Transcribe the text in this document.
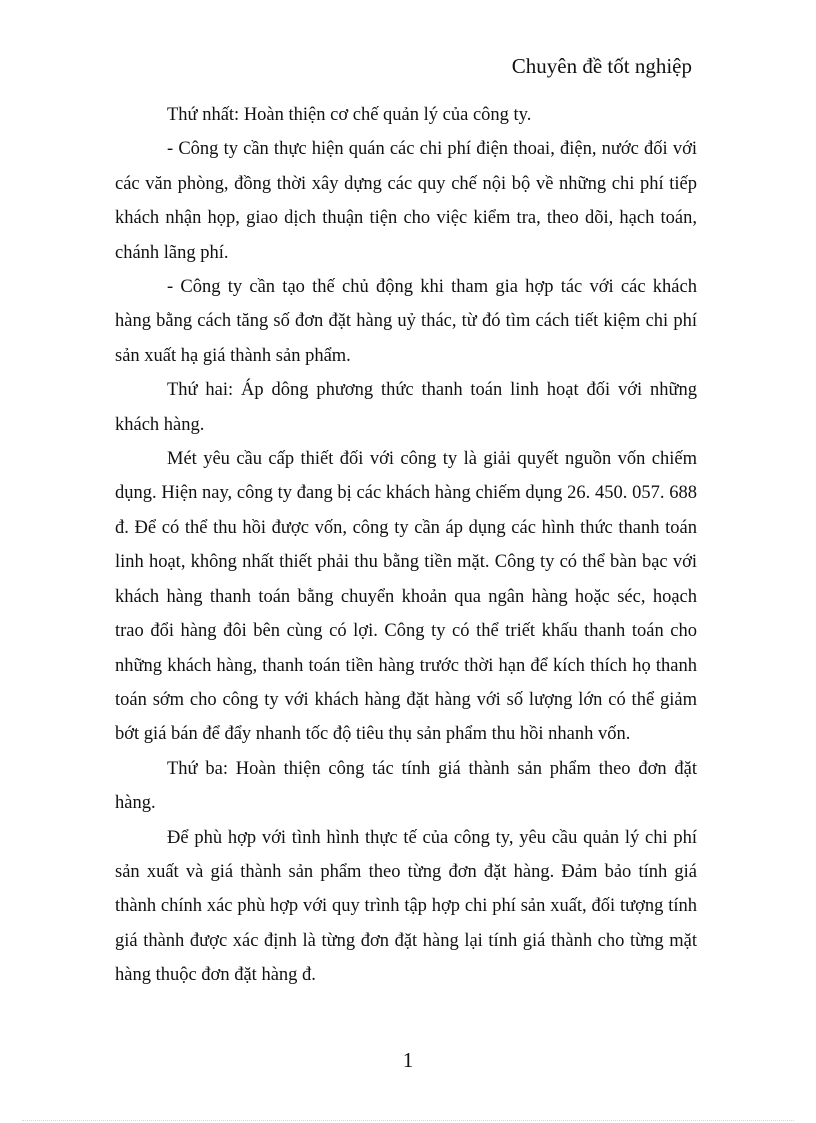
Chuyên đề tốt nghiệp

Thứ nhất: Hoàn thiện cơ chế quản lý của công ty.

- Công ty cần thực hiện quán các chi phí điện thoai, điện, nước đối với các văn phòng, đồng thời xây dựng các quy chế nội bộ về những chi phí tiếp khách nhận họp, giao dịch thuận tiện cho việc kiểm tra, theo dõi, hạch toán, chánh lãng phí.

- Công ty cần tạo thế chủ động khi tham gia hợp tác với các khách hàng bằng cách tăng số đơn đặt hàng uỷ thác, từ đó tìm cách tiết kiệm chi phí sản xuất hạ giá thành sản phẩm.

Thứ hai: Áp dông phương thức thanh toán linh hoạt đối với những khách hàng.

Mét yêu cầu cấp thiết đối với công ty là giải quyết nguồn vốn chiếm dụng. Hiện nay, công ty đang bị các khách hàng chiếm dụng 26. 450. 057. 688 đ. Để có thể thu hồi được vốn, công ty cần áp dụng các hình thức thanh toán linh hoạt, không nhất thiết phải thu bằng tiền mặt. Công ty có thể bàn bạc với khách hàng thanh toán bằng chuyển khoản qua ngân hàng hoặc séc, hoạch trao đổi hàng đôi bên cùng có lợi. Công ty có thể triết khấu thanh toán cho những khách hàng, thanh toán tiền hàng trước thời hạn để kích thích họ thanh toán sớm cho công ty với khách hàng đặt hàng với số lượng lớn có thể giảm bớt giá bán để đẩy nhanh tốc độ tiêu thụ sản phẩm thu hồi nhanh vốn.

Thứ ba: Hoàn thiện công tác tính giá thành sản phẩm theo đơn đặt hàng.

Để phù hợp với tình hình thực tế của công ty, yêu cầu quản lý chi phí sản xuất và giá thành sản phẩm theo từng đơn đặt hàng. Đảm bảo tính giá thành chính xác phù hợp với quy trình tập hợp chi phí sản xuất, đối tượng tính giá thành được xác định là từng đơn đặt hàng lại tính giá thành cho từng mặt hàng thuộc đơn đặt hàng đ.

1
